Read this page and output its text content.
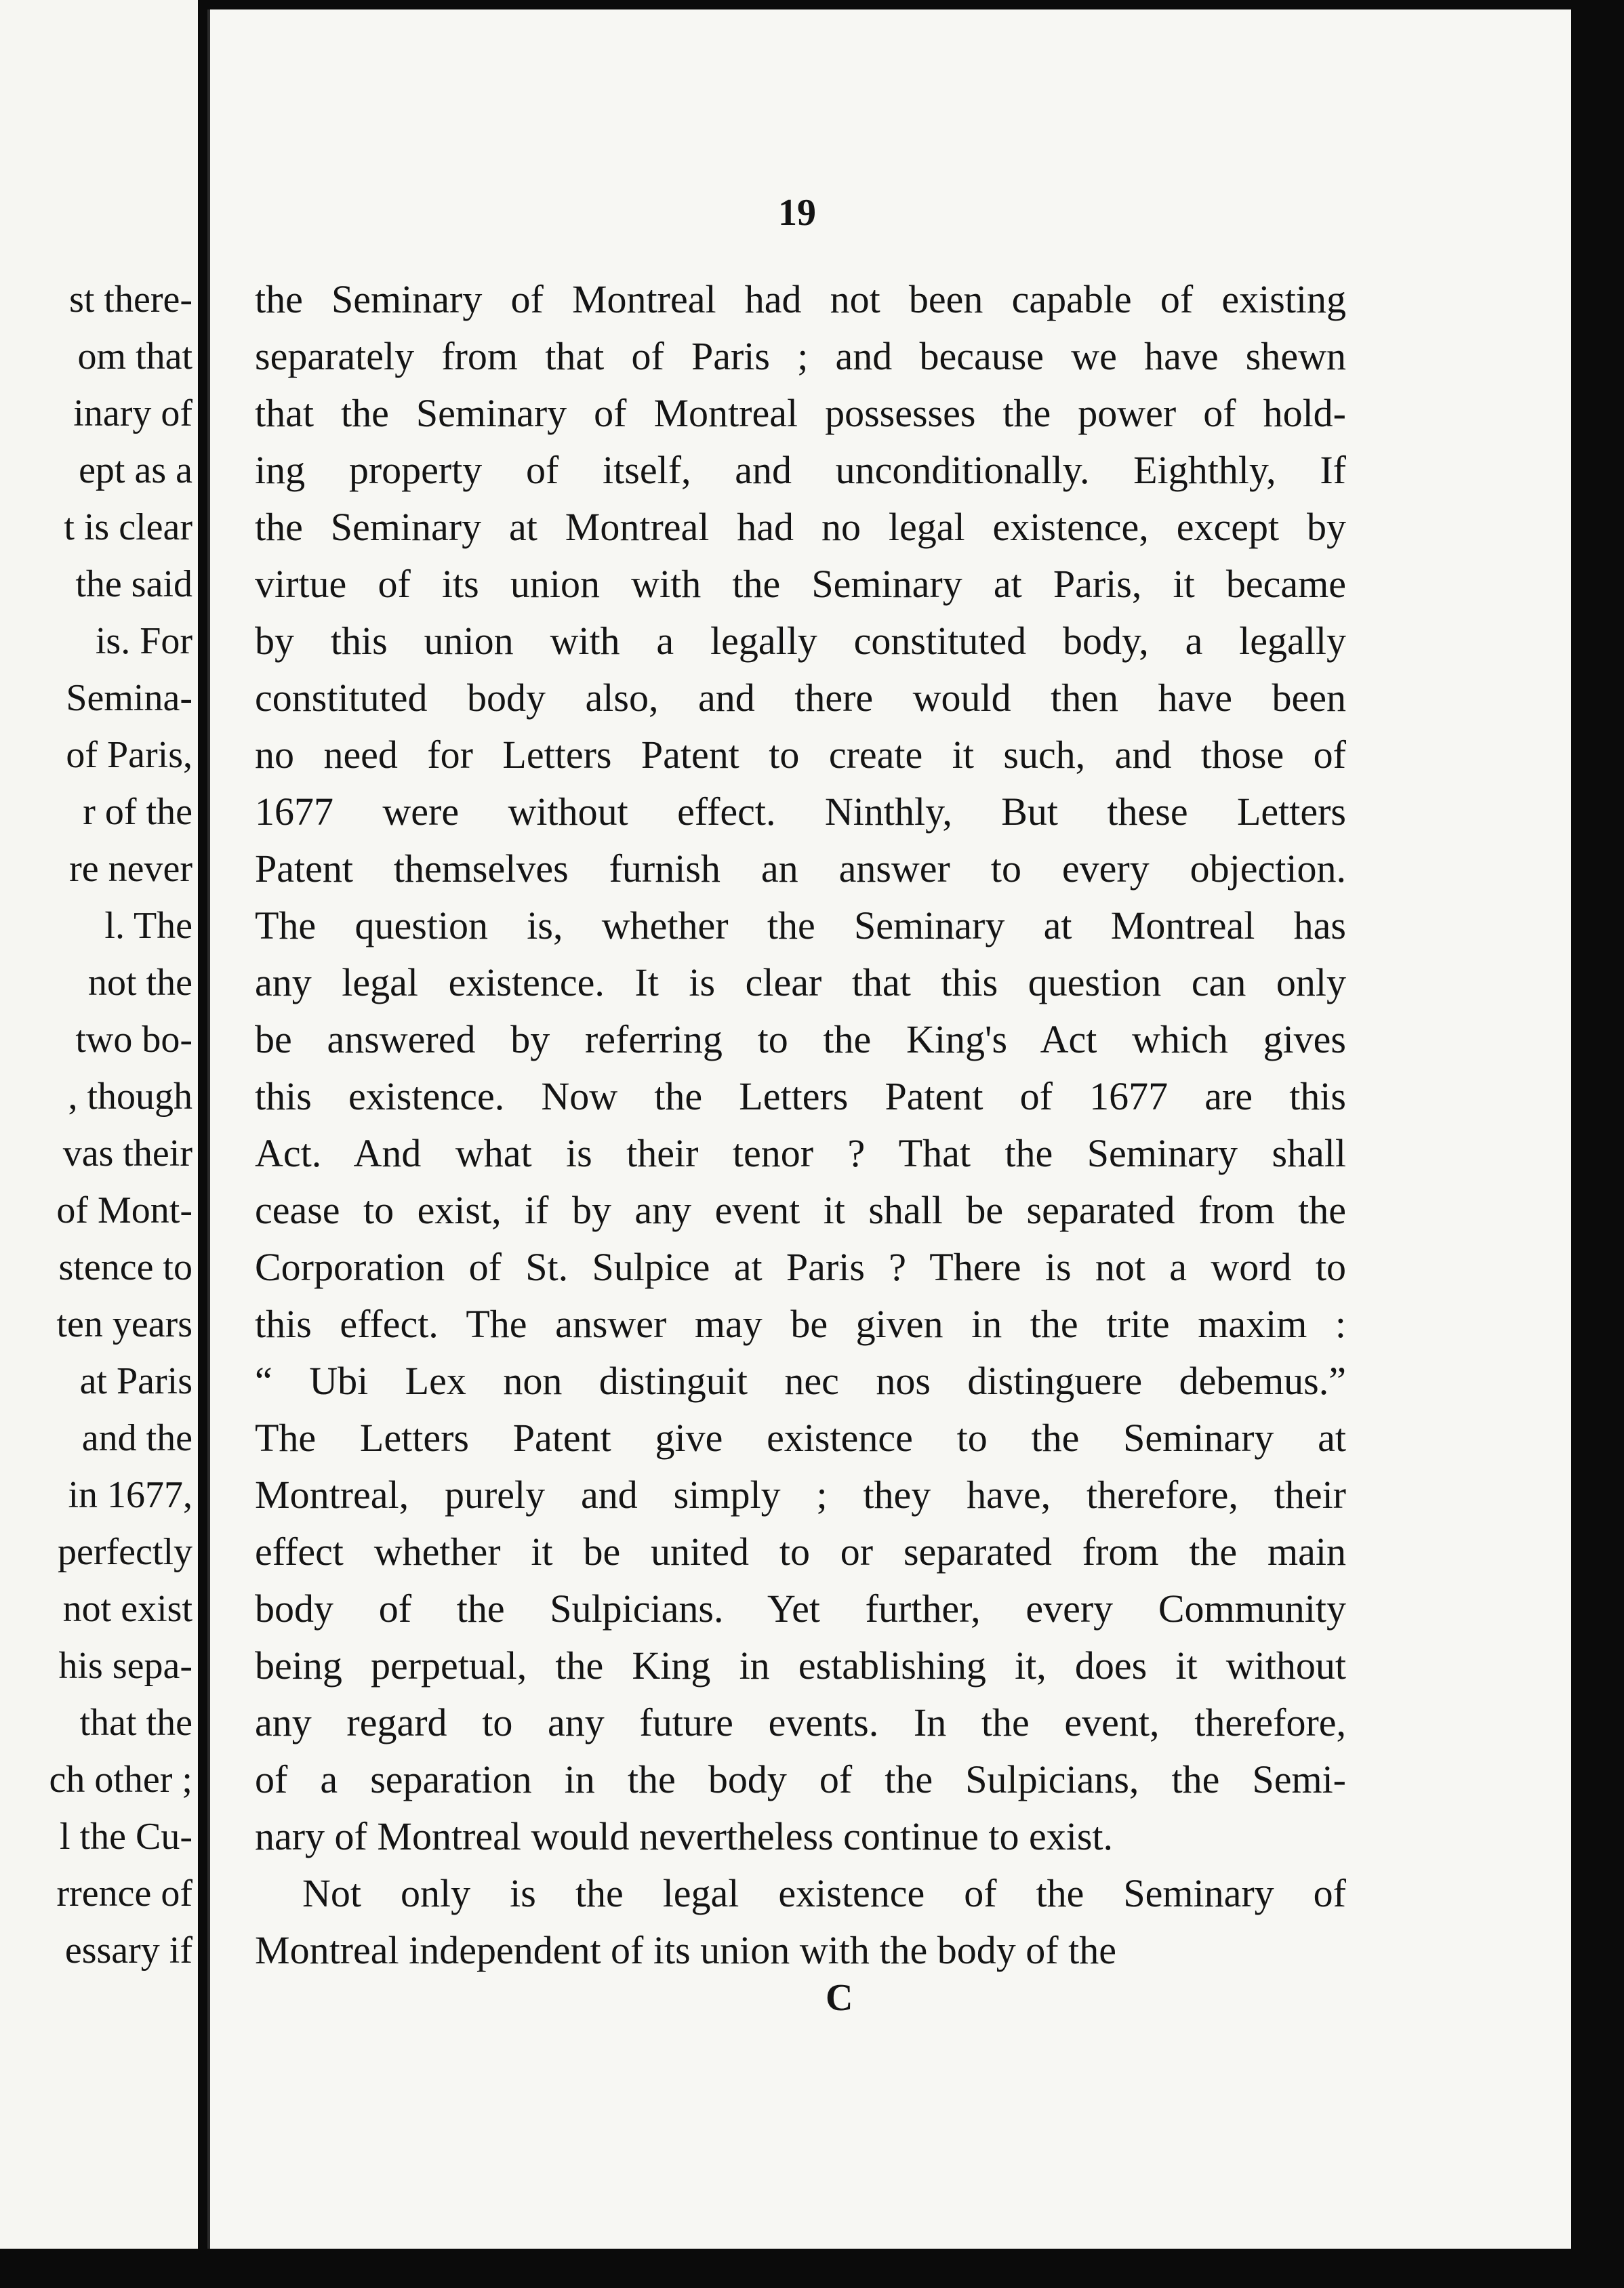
st there-
om that
inary of
ept as a
t is clear
the said
is. For
Semina-
of Paris,
r of the
re never
l. The
not the
two bo-
, though
vas their
of Mont-
stence to
ten years
at Paris
and the
in 1677,
perfectly
not exist
his sepa-
that the
ch other ;
l the Cu-
rrence of
essary if
19
the Seminary of Montreal had not been capable of existing
separately from that of Paris ; and because we have shewn
that the Seminary of Montreal possesses the power of hold-
ing property of itself, and unconditionally. Eighthly, If
the Seminary at Montreal had no legal existence, except by
virtue of its union with the Seminary at Paris, it became
by this union with a legally constituted body, a legally
constituted body also, and there would then have been
no need for Letters Patent to create it such, and those of
1677 were without effect. Ninthly, But these Letters
Patent themselves furnish an answer to every objection.
The question is, whether the Seminary at Montreal has
any legal existence. It is clear that this question can only
be answered by referring to the King's Act which gives
this existence. Now the Letters Patent of 1677 are this
Act. And what is their tenor ? That the Seminary shall
cease to exist, if by any event it shall be separated from the
Corporation of St. Sulpice at Paris ? There is not a word to
this effect. The answer may be given in the trite maxim :
“ Ubi Lex non distinguit nec nos distinguere debemus.”
The Letters Patent give existence to the Seminary at
Montreal, purely and simply ; they have, therefore, their
effect whether it be united to or separated from the main
body of the Sulpicians. Yet further, every Community
being perpetual, the King in establishing it, does it without
any regard to any future events. In the event, therefore,
of a separation in the body of the Sulpicians, the Semi-
nary of Montreal would nevertheless continue to exist.
Not only is the legal existence of the Seminary of
Montreal independent of its union with the body of the
C
